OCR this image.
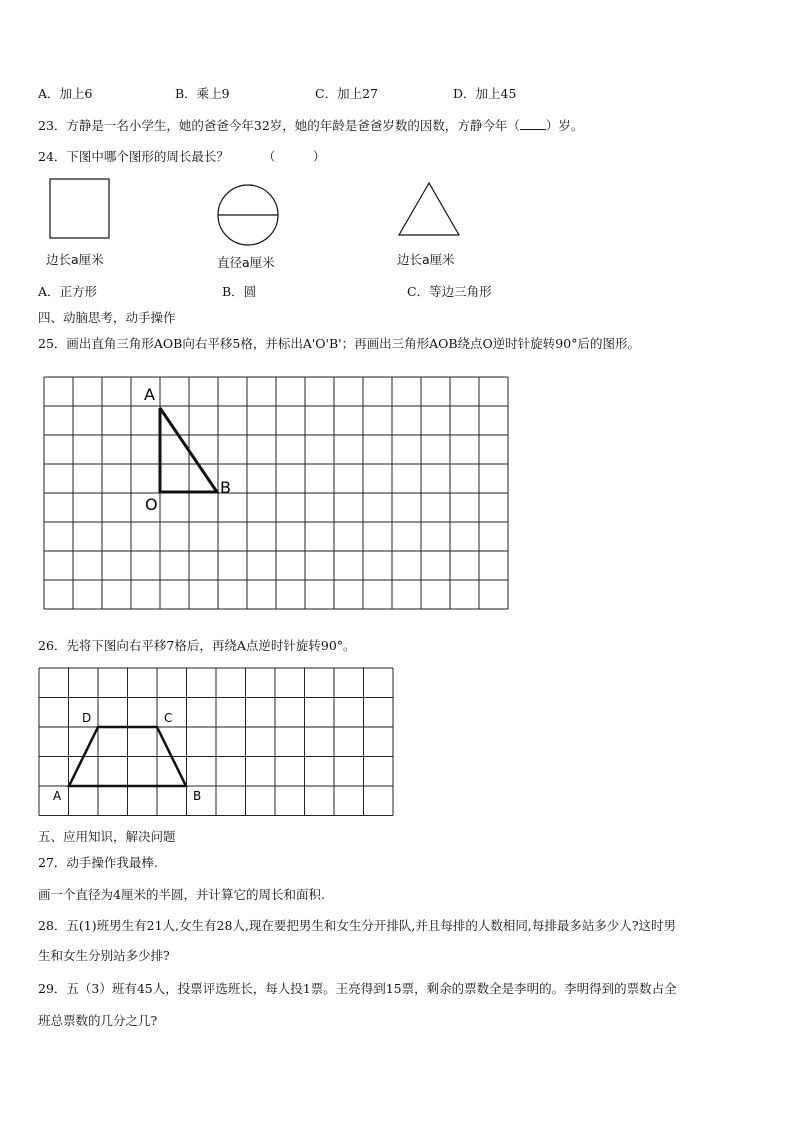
A．加上6	B．乘上9	C．加上27	D．加上45
23．方静是一名小学生，她的爸爸今年32岁，她的年龄是爸爸岁数的因数，方静今年（ ）岁。
24．下图中哪个图形的周长最长？	（　　　）
边长a厘米	直径a厘米	边长a厘米
A．正方形	B．圆	C．等边三角形
四、动脑思考，动手操作
25．画出直角三角形AOB向右平移5格，并标出A'O'B'；再画出三角形AOB绕点O逆时针旋转90°后的图形。
A
B
O
26．先将下图向右平移7格后，再绕A点逆时针旋转90°。
A	B
C
D
五、应用知识，解决问题
27．动手操作我最棒.
画一个直径为4厘米的半圆，并计算它的周长和面积.
28．五(1)班男生有21人,女生有28人,现在要把男生和女生分开排队,并且每排的人数相同,每排最多站多少人?这时男
生和女生分别站多少排?
29．五（3）班有45人，投票评选班长，每人投1票。王亮得到15票，剩余的票数全是李明的。李明得到的票数占全
班总票数的几分之几?
